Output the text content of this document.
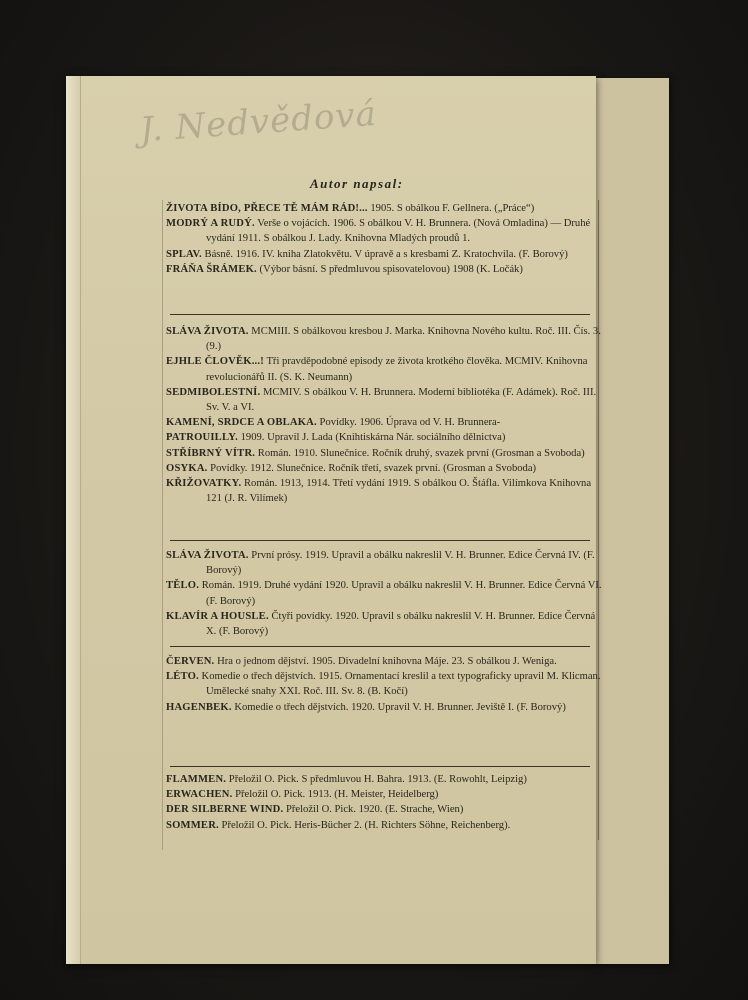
J. Nedvědová
Autor napsal:

ŽIVOTA BÍDO, PŘECE TĚ MÁM RÁD!... 1905. S obálkou F. Gellnera. („Práce“)

MODRÝ A RUDÝ. Verše o vojácích. 1906. S obálkou V. H. Brunnera. (Nová Omladina) — Druhé vydání 1911. S obálkou J. Lady. Knihovna Mladých proudů 1.

SPLAV. Básně. 1916. IV. kniha Zlatokvětu. V úpravě a s kresbami Z. Kratochvila. (F. Borový)

FRÁŇA ŠRÁMEK. (Výbor básní. S předmluvou spisovatelovou) 1908 (K. Ločák)

SLÁVA ŽIVOTA. MCMIII. S obálkovou kresbou J. Marka. Knihovna Nového kultu. Roč. III. Čís. 3. (9.)

EJHLE ČLOVĚK...! Tři pravděpodobné episody ze života krotkého člověka. MCMIV. Knihovna revolucionářů II. (S. K. Neumann)

SEDMIBOLESTNÍ. MCMIV. S obálkou V. H. Brunnera. Moderní bibliotéka (F. Adámek). Roč. III. Sv. V. a VI.

KAMENÍ, SRDCE A OBLAKA. Povídky. 1906. Úprava od V. H. Brunnera-

PATROUILLY. 1909. Upravil J. Lada (Knihtiskárna Nár. sociálního dělnictva)

STŘÍBRNÝ VÍTR. Román. 1910. Slunečnice. Ročník druhý, svazek první (Grosman a Svoboda)

OSYKA. Povídky. 1912. Slunečnice. Ročník třetí, svazek první. (Grosman a Svoboda)

KŘIŽOVATKY. Román. 1913, 1914. Třetí vydání 1919. S obálkou O. Štáfla. Vilímkova Knihovna 121 (J. R. Vilímek)

SLÁVA ŽIVOTA. První prósy. 1919. Upravil a obálku nakreslil V. H. Brunner. Edice Červná IV. (F. Borový)

TĚLO. Román. 1919. Druhé vydání 1920. Upravil a obálku nakreslil V. H. Brunner. Edice Červná VI. (F. Borový)

KLAVÍR A HOUSLE. Čtyři povídky. 1920. Upravil s obálku nakreslil V. H. Brunner. Edice Červná X. (F. Borový)

ČERVEN. Hra o jednom dějství. 1905. Divadelní knihovna Máje. 23. S obálkou J. Weniga.

LÉTO. Komedie o třech dějstvích. 1915. Ornamentací kreslil a text typograficky upravil M. Klicman. Umělecké snahy XXI. Roč. III. Sv. 8. (B. Kočí)

HAGENBEK. Komedie o třech dějstvích. 1920. Upravil V. H. Brunner. Jeviště I. (F. Borový)

FLAMMEN. Přeložil O. Pick. S předmluvou H. Bahra. 1913. (E. Rowohlt, Leipzig)

ERWACHEN. Přeložil O. Pick. 1913. (H. Meister, Heidelberg)

DER SILBERNE WIND. Přeložil O. Pick. 1920. (E. Strache, Wien)

SOMMER. Přeložil O. Pick. Heris-Bücher 2. (H. Richters Söhne, Reichenberg).
